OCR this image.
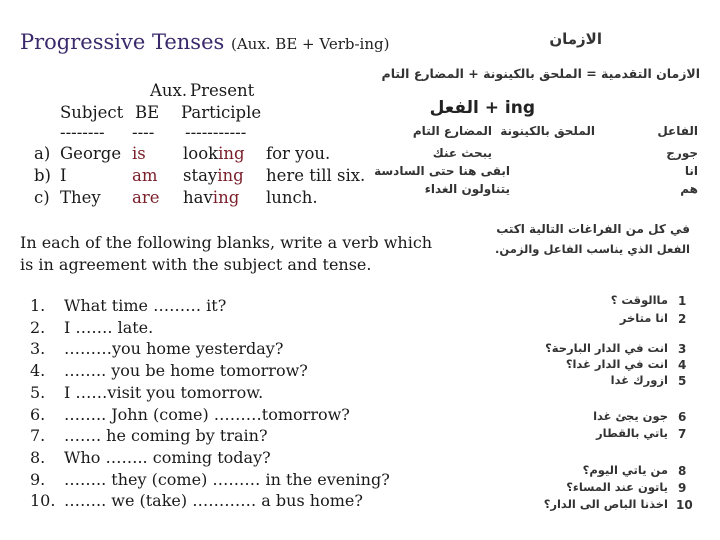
Progressive Tenses (Aux. BE + Verb-ing)
Aux. Present
Subject BE Participle
-------- ---- -----------
a) George is looking for you.
b) I	am staying here till six.
c) They are having lunch.
In each of the following blanks, write a verb which is in agreement with the subject and tense.
1. What time ……… it?
2. I ……. late.
3. ………you home yesterday?
4. …….. you be home tomorrow?
5. I ……visit you tomorrow.
6. …….. John (come) ………tomorrow?
7. ……. he coming by train?
8. Who …….. coming today?
9. …….. they (come) ……… in the evening?
10. …….. we (take) ………… a bus home?
الازمان
الازمان التقدمية = الملحق بالكينونة + المضارع التام
ing + الفعل
الفاعل
الملحق بالكينونة
المضارع التام
جورج
انا
هم
يبحث عنك
ابقى هنا حتى السادسة
يتناولون الغداء
في كل من الفراغات التالية اكتب
الفعل الذي يناسب الفاعل والزمن.
1
ماالوقت ؟
2
انا متاخر
3
انت في الدار البارحة؟
4
انت في الدار غدا؟
5
ازورك غدا
6
جون يجئ غدا
7
ياتي بالقطار
8
من ياتي اليوم؟
9
ياتون عند المساء؟
10
اخذنا الباص الى الدار؟
